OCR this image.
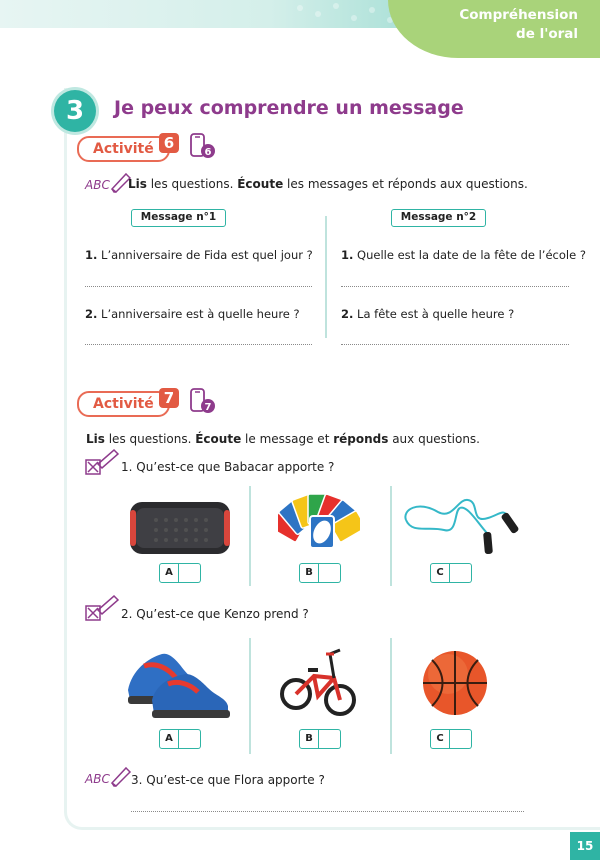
Compréhension
de l'oral
3	Je peux comprendre un message
Activité 6
6
ABC Lis les questions. Écoute les messages et réponds aux questions.
Message n°1
1. L’anniversaire de Fida est quel jour ?
2. L’anniversaire est à quelle heure ?
Message n°2
1. Quelle est la date de la fête de l’école ?
2. La fête est à quelle heure ?
Activité 7
7
Lis les questions. Écoute le message et réponds aux questions.
1. Qu’est-ce que Babacar apporte ?
A	B	C
2. Qu’est-ce que Kenzo prend ?
A	B	C
ABC 3. Qu’est-ce que Flora apporte ?
15
